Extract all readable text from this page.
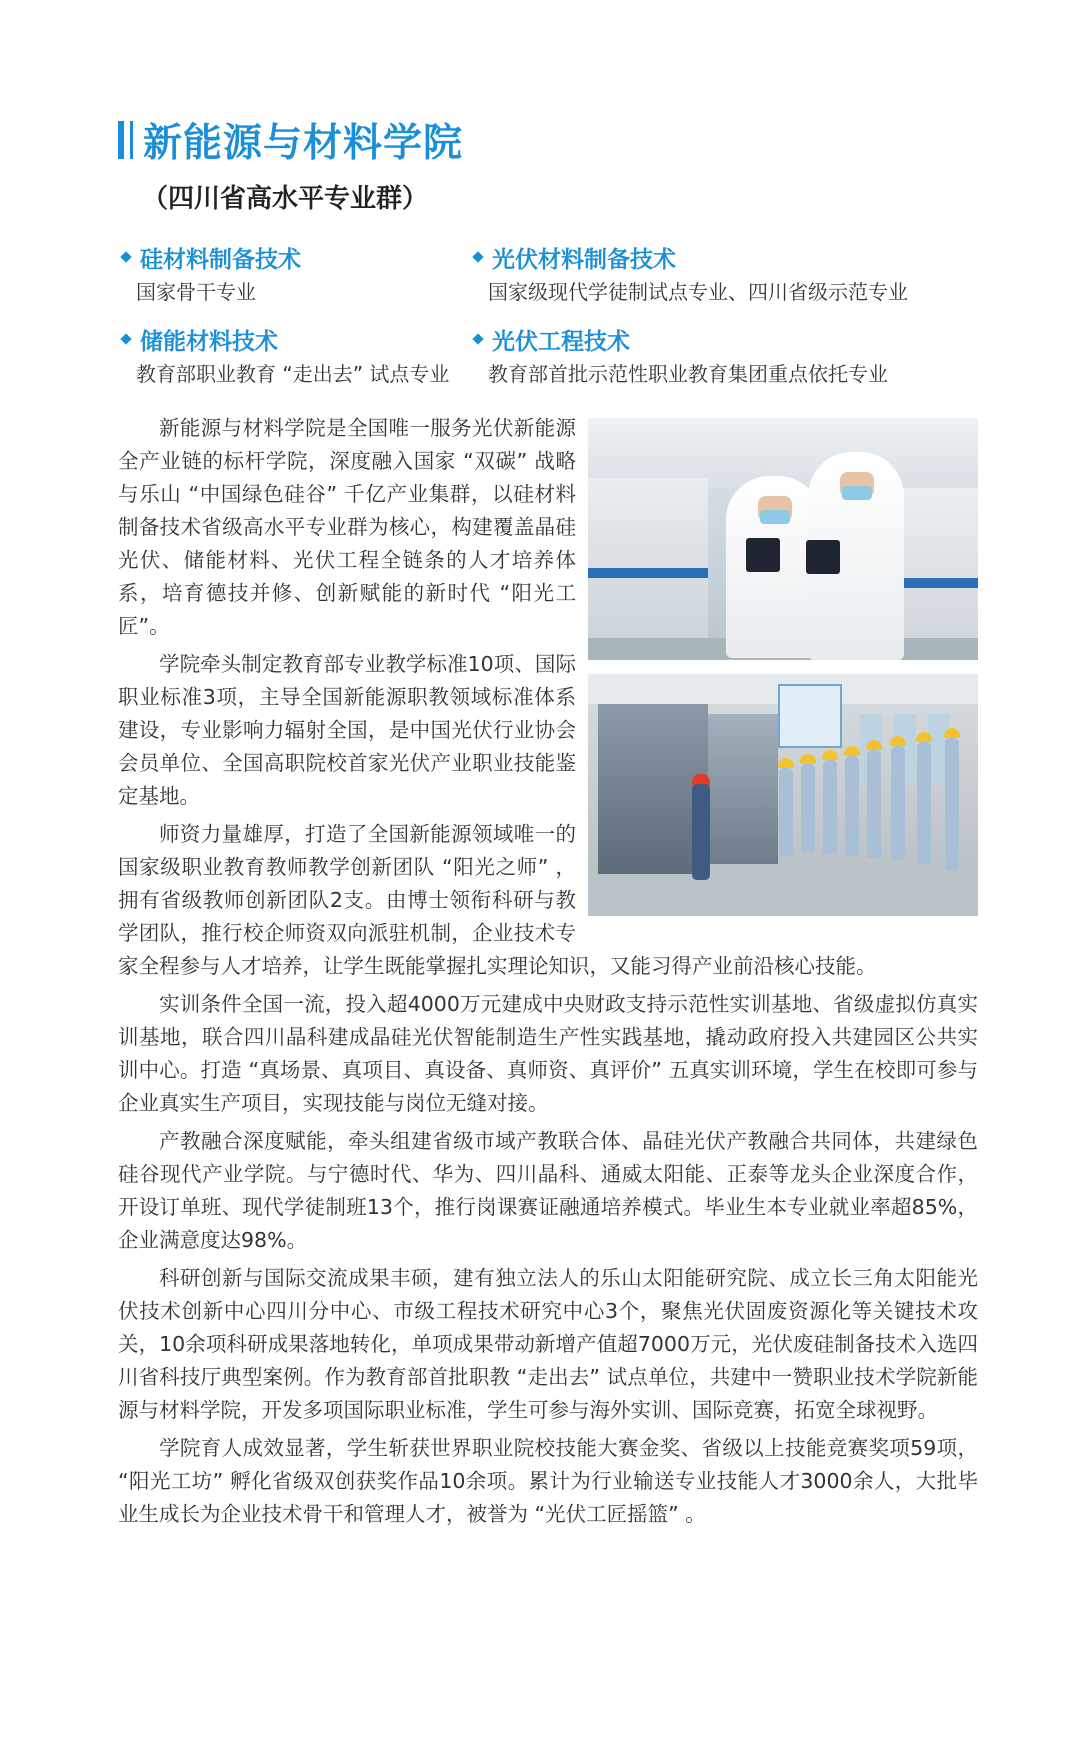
新能源与材料学院
（四川省高水平专业群）
硅材料制备技术
国家骨干专业
光伏材料制备技术
国家级现代学徒制试点专业、四川省级示范专业
储能材料技术
教育部职业教育 “走出去” 试点专业
光伏工程技术
教育部首批示范性职业教育集团重点依托专业

新能源与材料学院是全国唯一服务光伏新能源全产业链的标杆学院，深度融入国家 “双碳” 战略与乐山 “中国绿色硅谷” 千亿产业集群，以硅材料制备技术省级高水平专业群为核心，构建覆盖晶硅光伏、储能材料、光伏工程全链条的人才培养体系，培育德技并修、创新赋能的新时代 “阳光工匠”。

学院牵头制定教育部专业教学标准10项、国际职业标准3项，主导全国新能源职教领域标准体系建设，专业影响力辐射全国，是中国光伏行业协会会员单位、全国高职院校首家光伏产业职业技能鉴定基地。

师资力量雄厚，打造了全国新能源领域唯一的国家级职业教育教师教学创新团队 “阳光之师” ，拥有省级教师创新团队2支。由博士领衔科研与教学团队，推行校企师资双向派驻机制，企业技术专家全程参与人才培养，让学生既能掌握扎实理论知识，又能习得产业前沿核心技能。

实训条件全国一流，投入超4000万元建成中央财政支持示范性实训基地、省级虚拟仿真实训基地，联合四川晶科建成晶硅光伏智能制造生产性实践基地，撬动政府投入共建园区公共实训中心。打造 “真场景、真项目、真设备、真师资、真评价” 五真实训环境，学生在校即可参与企业真实生产项目，实现技能与岗位无缝对接。

产教融合深度赋能，牵头组建省级市域产教联合体、晶硅光伏产教融合共同体，共建绿色硅谷现代产业学院。与宁德时代、华为、四川晶科、通威太阳能、正泰等龙头企业深度合作，开设订单班、现代学徒制班13个，推行岗课赛证融通培养模式。毕业生本专业就业率超85%，企业满意度达98%。

科研创新与国际交流成果丰硕，建有独立法人的乐山太阳能研究院、成立长三角太阳能光伏技术创新中心四川分中心、市级工程技术研究中心3个，聚焦光伏固废资源化等关键技术攻关，10余项科研成果落地转化，单项成果带动新增产值超7000万元，光伏废硅制备技术入选四川省科技厅典型案例。作为教育部首批职教 “走出去” 试点单位，共建中一赞职业技术学院新能源与材料学院，开发多项国际职业标准，学生可参与海外实训、国际竞赛，拓宽全球视野。

学院育人成效显著，学生斩获世界职业院校技能大赛金奖、省级以上技能竞赛奖项59项， “阳光工坊” 孵化省级双创获奖作品10余项。累计为行业输送专业技能人才3000余人，大批毕业生成长为企业技术骨干和管理人才，被誉为 “光伏工匠摇篮” 。
